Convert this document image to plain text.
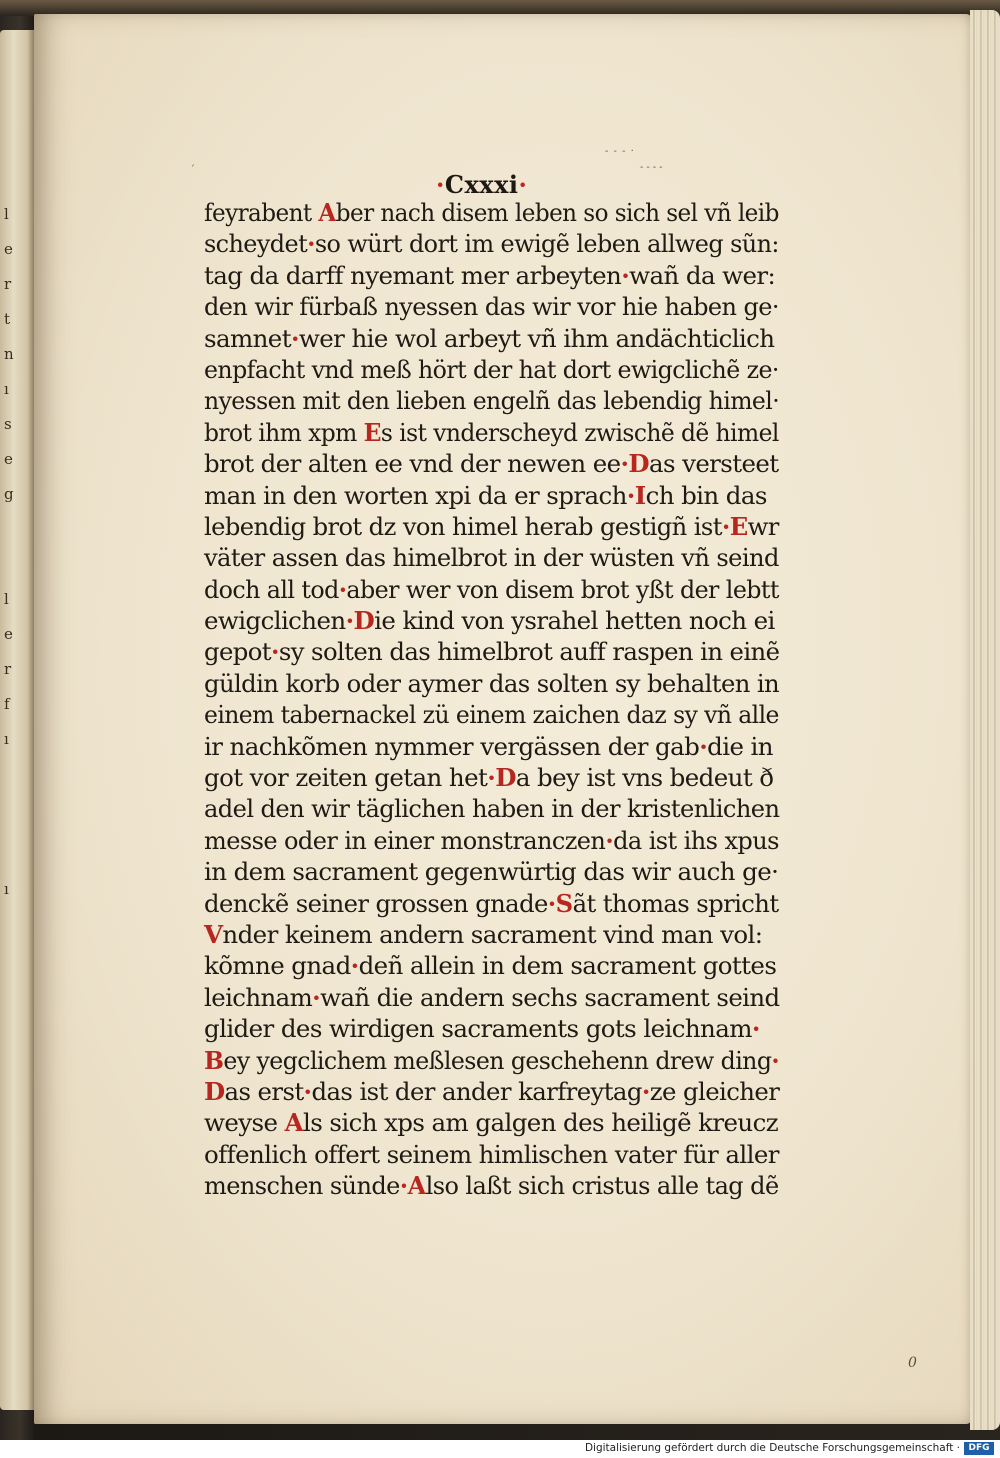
l
e
r
t
n
ı
s
e
g
l
e
r
f
ı
ı
ˊ
- - - ·
‐‐‐‐
·Cxxxi·
feyrabent Aber nach disem leben so sich sel vñ leib
scheydet·so würt dort im ewigẽ leben allweg sũn:
tag da darff nyemant mer arbeyten·wañ da wer:
den wir fürbaß nyessen das wir vor hie haben ge·
samnet·wer hie wol arbeyt vñ ihm andächticlich
enpfacht vnd meß hört der hat dort ewigclichẽ ze·
nyessen mit den lieben engelñ das lebendig himel·
brot ihm xpm Es ist vnderscheyd zwischẽ dẽ himel
brot der alten ee vnd der newen ee·Das versteet
man in den worten xpi da er sprach·Ich bin das
lebendig brot dz von himel herab gestigñ ist·Ewr
väter assen das himelbrot in der wüsten vñ seind
doch all tod·aber wer von disem brot yßt der lebtt
ewigclichen·Die kind von ysrahel hetten noch ei
gepot·sy solten das himelbrot auff raspen in einẽ
güldin korb oder aymer das solten sy behalten in
einem tabernackel zü einem zaichen daz sy vñ alle
ir nachkõmen nymmer vergässen der gab·die in
got vor zeiten getan het·Da bey ist vns bedeut ð
adel den wir täglichen haben in der kristenlichen
messe oder in einer monstranczen·da ist ihs xpus
in dem sacrament gegenwürtig das wir auch ge·
denckẽ seiner grossen gnade·Sãt thomas spricht
Vnder keinem andern sacrament vind man vol:
kõmne gnad·deñ allein in dem sacrament gottes
leichnam·wañ die andern sechs sacrament seind
glider des wirdigen sacraments gots leichnam·
Bey yegclichem meßlesen geschehenn drew ding·
Das erst·das ist der ander karfreytag·ze gleicher
weyse Als sich xps am galgen des heiligẽ kreucz
offenlich offert seinem himlischen vater für aller
menschen sünde·Also laßt sich cristus alle tag dẽ
0
Digitalisierung gefördert durch die Deutsche Forschungsgemeinschaft · DFG
